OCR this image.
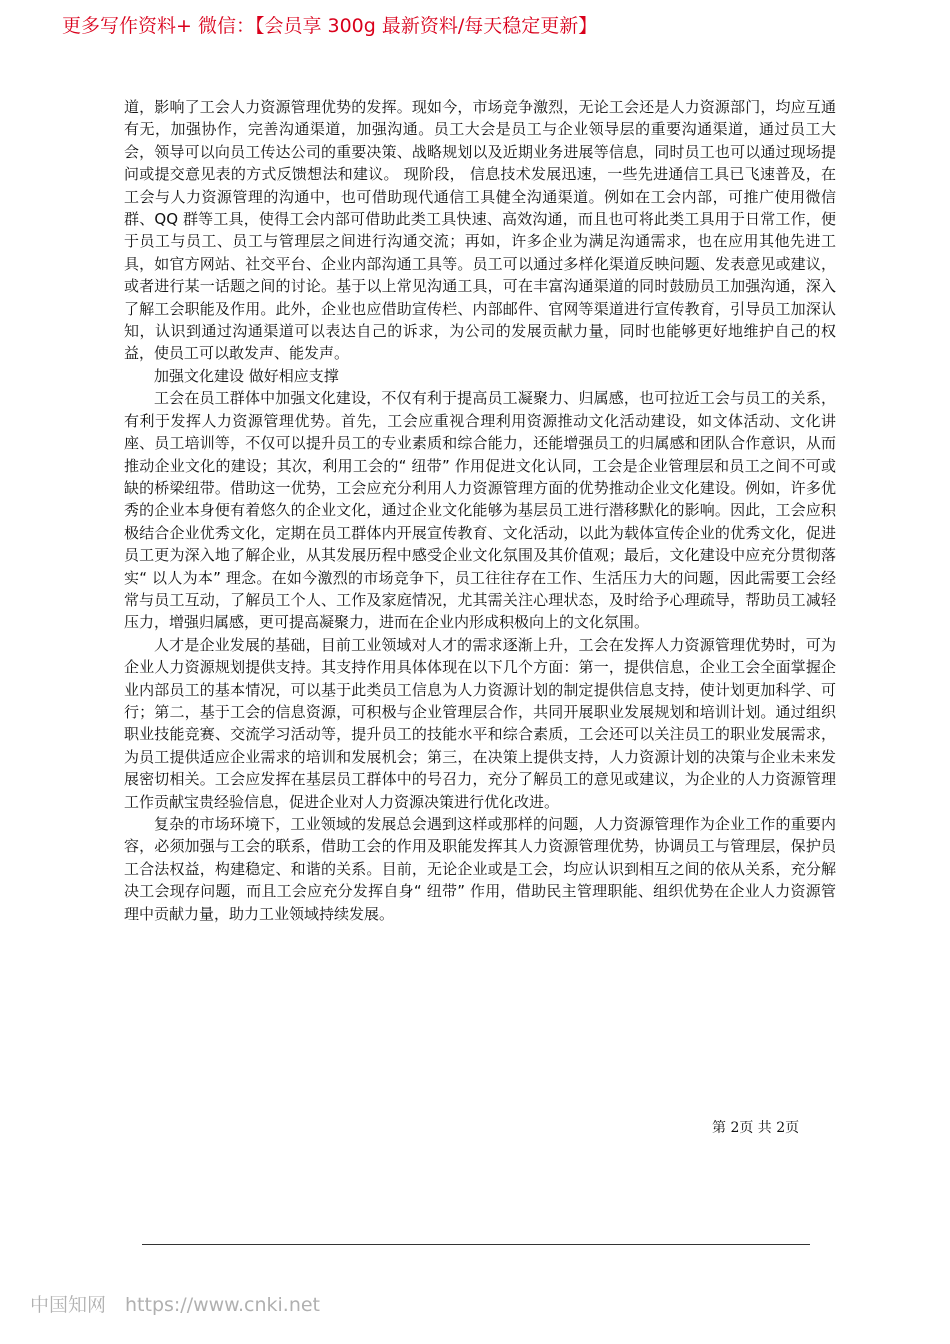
更多写作资料+ 微信：【会员享 300g 最新资料/每天稳定更新】

道，影响了工会人力资源管理优势的发挥。现如今，市场竞争激烈，无论工会还是人力资源部门，均应互通有无，加强协作，完善沟通渠道，加强沟通。员工大会是员工与企业领导层的重要沟通渠道，通过员工大会，领导可以向员工传达公司的重要决策、战略规划以及近期业务进展等信息，同时员工也可以通过现场提问或提交意见表的方式反馈想法和建议。 现阶段， 信息技术发展迅速，一些先进通信工具已飞速普及，在工会与人力资源管理的沟通中，也可借助现代通信工具健全沟通渠道。例如在工会内部，可推广使用微信群、QQ 群等工具，使得工会内部可借助此类工具快速、高效沟通，而且也可将此类工具用于日常工作，便于员工与员工、员工与管理层之间进行沟通交流；再如，许多企业为满足沟通需求，也在应用其他先进工具，如官方网站、社交平台、企业内部沟通工具等。员工可以通过多样化渠道反映问题、发表意见或建议，或者进行某一话题之间的讨论。基于以上常见沟通工具，可在丰富沟通渠道的同时鼓励员工加强沟通，深入了解工会职能及作用。此外，企业也应借助宣传栏、内部邮件、官网等渠道进行宣传教育，引导员工加深认知，认识到通过沟通渠道可以表达自己的诉求，为公司的发展贡献力量，同时也能够更好地维护自己的权益，使员工可以敢发声、能发声。

加强文化建设 做好相应支撑

工会在员工群体中加强文化建设，不仅有利于提高员工凝聚力、归属感，也可拉近工会与员工的关系，有利于发挥人力资源管理优势。首先，工会应重视合理利用资源推动文化活动建设，如文体活动、文化讲座、员工培训等，不仅可以提升员工的专业素质和综合能力，还能增强员工的归属感和团队合作意识，从而推动企业文化的建设；其次，利用工会的“ 纽带” 作用促进文化认同，工会是企业管理层和员工之间不可或缺的桥梁纽带。借助这一优势，工会应充分利用人力资源管理方面的优势推动企业文化建设。例如，许多优秀的企业本身便有着悠久的企业文化，通过企业文化能够为基层员工进行潜移默化的影响。因此，工会应积极结合企业优秀文化，定期在员工群体内开展宣传教育、文化活动，以此为载体宣传企业的优秀文化，促进员工更为深入地了解企业，从其发展历程中感受企业文化氛围及其价值观；最后，文化建设中应充分贯彻落实“ 以人为本” 理念。在如今激烈的市场竞争下，员工往往存在工作、生活压力大的问题，因此需要工会经常与员工互动，了解员工个人、工作及家庭情况，尤其需关注心理状态，及时给予心理疏导，帮助员工减轻压力，增强归属感，更可提高凝聚力，进而在企业内形成积极向上的文化氛围。

人才是企业发展的基础，目前工业领域对人才的需求逐渐上升，工会在发挥人力资源管理优势时，可为企业人力资源规划提供支持。其支持作用具体体现在以下几个方面：第一，提供信息，企业工会全面掌握企业内部员工的基本情况，可以基于此类员工信息为人力资源计划的制定提供信息支持，使计划更加科学、可行；第二，基于工会的信息资源，可积极与企业管理层合作，共同开展职业发展规划和培训计划。通过组织职业技能竞赛、交流学习活动等，提升员工的技能水平和综合素质，工会还可以关注员工的职业发展需求，为员工提供适应企业需求的培训和发展机会；第三，在决策上提供支持，人力资源计划的决策与企业未来发展密切相关。工会应发挥在基层员工群体中的号召力，充分了解员工的意见或建议，为企业的人力资源管理工作贡献宝贵经验信息，促进企业对人力资源决策进行优化改进。

复杂的市场环境下，工业领域的发展总会遇到这样或那样的问题，人力资源管理作为企业工作的重要内容，必须加强与工会的联系，借助工会的作用及职能发挥其人力资源管理优势，协调员工与管理层，保护员工合法权益，构建稳定、和谐的关系。目前，无论企业或是工会，均应认识到相互之间的依从关系，充分解决工会现存问题，而且工会应充分发挥自身“ 纽带” 作用，借助民主管理职能、组织优势在企业人力资源管理中贡献力量，助力工业领域持续发展。

第 2页 共 2页
中国知网　https://www.cnki.net
